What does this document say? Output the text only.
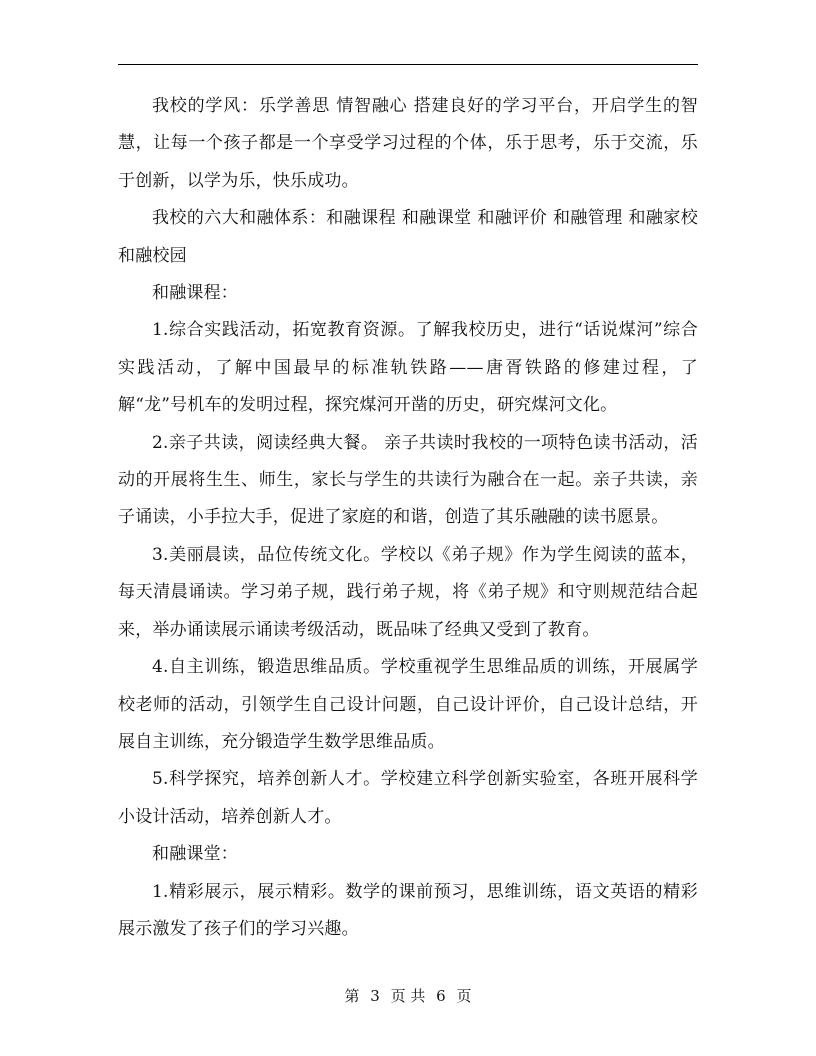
我校的学风：乐学善思 情智融心 搭建良好的学习平台，开启学生的智慧，让每一个孩子都是一个享受学习过程的个体，乐于思考，乐于交流，乐于创新，以学为乐，快乐成功。

我校的六大和融体系：和融课程 和融课堂 和融评价 和融管理 和融家校 和融校园

和融课程：

1.综合实践活动，拓宽教育资源。了解我校历史，进行“话说煤河”综合实践活动，了解中国最早的标准轨铁路——唐胥铁路的修建过程，了解“龙”号机车的发明过程，探究煤河开凿的历史，研究煤河文化。

2.亲子共读，阅读经典大餐。 亲子共读时我校的一项特色读书活动，活动的开展将生生、师生，家长与学生的共读行为融合在一起。亲子共读，亲子诵读，小手拉大手，促进了家庭的和谐，创造了其乐融融的读书愿景。

3.美丽晨读，品位传统文化。学校以《弟子规》作为学生阅读的蓝本，每天清晨诵读。学习弟子规，践行弟子规，将《弟子规》和守则规范结合起来，举办诵读展示诵读考级活动，既品味了经典又受到了教育。

4.自主训练，锻造思维品质。学校重视学生思维品质的训练，开展属学校老师的活动，引领学生自己设计问题，自己设计评价，自己设计总结，开展自主训练，充分锻造学生数学思维品质。

5.科学探究，培养创新人才。学校建立科学创新实验室，各班开展科学小设计活动，培养创新人才。

和融课堂：

1.精彩展示，展示精彩。数学的课前预习，思维训练，语文英语的精彩展示激发了孩子们的学习兴趣。

第 3 页 共 6 页
